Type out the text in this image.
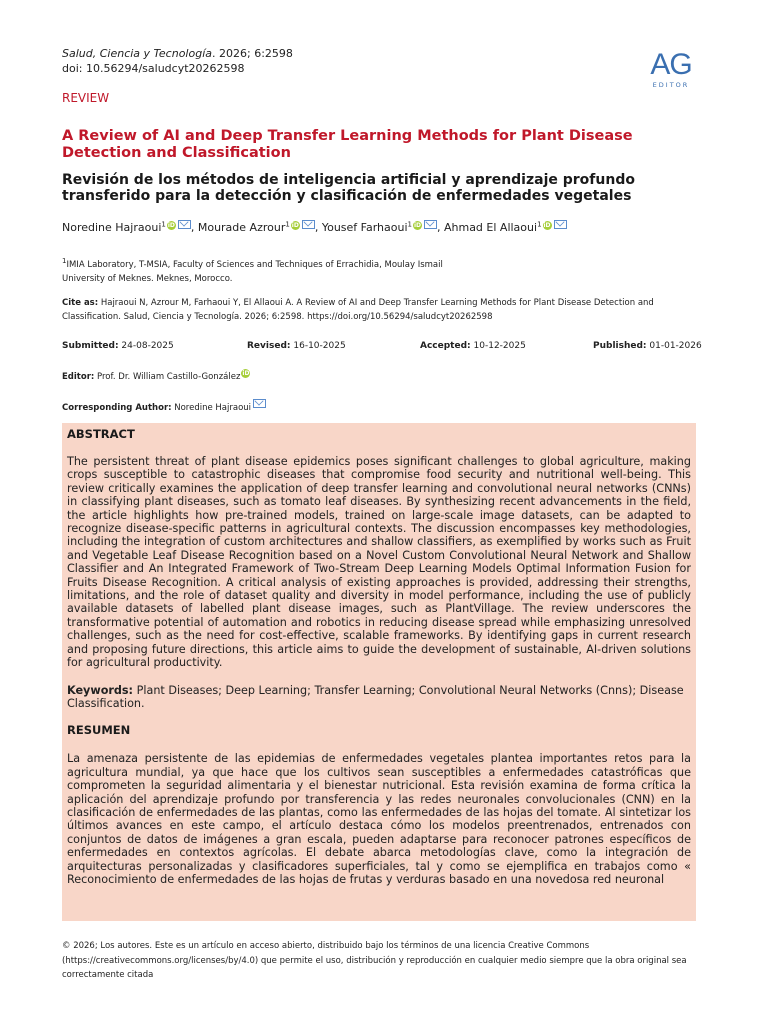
Salud, Ciencia y Tecnología. 2026; 6:2598
doi: 10.56294/saludcyt20262598	AG
EDITOR
REVIEW
A Review of AI and Deep Transfer Learning Methods for Plant Disease Detection and Classification
Revisión de los métodos de inteligencia artificial y aprendizaje profundo transferido para la detección y clasificación de enfermedades vegetales
Noredine Hajraoui$^1$ iD , Mourade Azrour$^1$ iD , Yousef Farhaoui$^1$ iD , Ahmad El Allaoui$^1$ iD
$^1$IMIA Laboratory, T-MSIA, Faculty of Sciences and Techniques of Errachidia, Moulay Ismail
University of Meknes. Meknes, Morocco.
Cite as: Hajraoui N, Azrour M, Farhaoui Y, El Allaoui A. A Review of AI and Deep Transfer Learning Methods for Plant Disease Detection and Classification. Salud, Ciencia y Tecnología. 2026; 6:2598. https://doi.org/10.56294/saludcyt20262598
Submitted: 24-08-2025	Revised: 16-10-2025	Accepted: 10-12-2025	Published: 01-01-2026
Editor: Prof. Dr. William Castillo-González iD
Corresponding Author: Noredine Hajraoui

ABSTRACT

The persistent threat of plant disease epidemics poses significant challenges to global agriculture, making crops susceptible to catastrophic diseases that compromise food security and nutritional well-being. This review critically examines the application of deep transfer learning and convolutional neural networks (CNNs) in classifying plant diseases, such as tomato leaf diseases. By synthesizing recent advancements in the field, the article highlights how pre-trained models, trained on large-scale image datasets, can be adapted to recognize disease-specific patterns in agricultural contexts. The discussion encompasses key methodologies, including the integration of custom architectures and shallow classifiers, as exemplified by works such as Fruit and Vegetable Leaf Disease Recognition based on a Novel Custom Convolutional Neural Network and Shallow Classifier and An Integrated Framework of Two-Stream Deep Learning Models Optimal Information Fusion for Fruits Disease Recognition. A critical analysis of existing approaches is provided, addressing their strengths, limitations, and the role of dataset quality and diversity in model performance, including the use of publicly available datasets of labelled plant disease images, such as PlantVillage. The review underscores the transformative potential of automation and robotics in reducing disease spread while emphasizing unresolved challenges, such as the need for cost-effective, scalable frameworks. By identifying gaps in current research and proposing future directions, this article aims to guide the development of sustainable, AI-driven solutions for agricultural productivity.

Keywords: Plant Diseases; Deep Learning; Transfer Learning; Convolutional Neural Networks (Cnns); Disease Classification.

RESUMEN

La amenaza persistente de las epidemias de enfermedades vegetales plantea importantes retos para la agricultura mundial, ya que hace que los cultivos sean susceptibles a enfermedades catastróficas que comprometen la seguridad alimentaria y el bienestar nutricional. Esta revisión examina de forma crítica la aplicación del aprendizaje profundo por transferencia y las redes neuronales convolucionales (CNN) en la clasificación de enfermedades de las plantas, como las enfermedades de las hojas del tomate. Al sintetizar los últimos avances en este campo, el artículo destaca cómo los modelos preentrenados, entrenados con conjuntos de datos de imágenes a gran escala, pueden adaptarse para reconocer patrones específicos de enfermedades en contextos agrícolas. El debate abarca metodologías clave, como la integración de arquitecturas personalizadas y clasificadores superficiales, tal y como se ejemplifica en trabajos como « Reconocimiento de enfermedades de las hojas de frutas y verduras basado en una novedosa red neuronal

© 2026; Los autores. Este es un artículo en acceso abierto, distribuido bajo los términos de una licencia Creative Commons (https://creativecommons.org/licenses/by/4.0) que permite el uso, distribución y reproducción en cualquier medio siempre que la obra original sea correctamente citada
